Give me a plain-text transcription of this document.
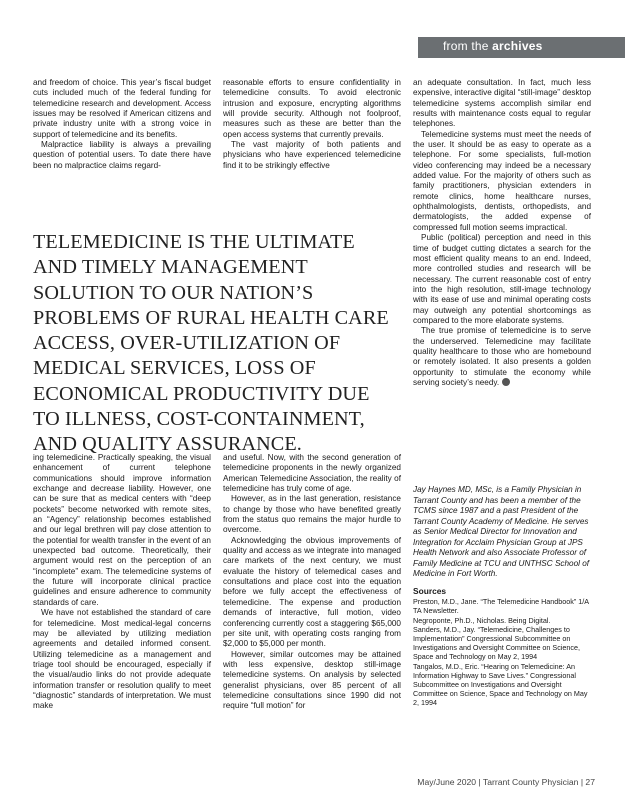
from the archives

and freedom of choice. This year’s fiscal budget cuts included much of the federal funding for telemedicine research and development. Access issues may be resolved if American citizens and private industry unite with a strong voice in support of telemedicine and its benefits.

Malpractice liability is always a prevailing question of potential users. To date there have been no malpractice claims regard-

reasonable efforts to ensure confidentiality in telemedicine consults. To avoid electronic intrusion and exposure, encrypting algorithms will provide security. Although not foolproof, measures such as these are better than the open access systems that currently prevails.

The vast majority of both patients and physicians who have experienced telemedicine find it to be strikingly effective

TELEMEDICINE IS THE ULTIMATE AND TIMELY MANAGEMENT SOLUTION TO OUR NATION’S PROBLEMS OF RURAL HEALTH CARE ACCESS, OVER-UTILIZATION OF MEDICAL SERVICES, LOSS OF ECONOMICAL PRODUCTIVITY DUE TO ILLNESS, COST-CONTAINMENT, AND QUALITY ASSURANCE.

ing telemedicine. Practically speaking, the visual enhancement of current telephone communications should improve information exchange and decrease liability. However, one can be sure that as medical centers with “deep pockets” become networked with remote sites, an “Agency” relationship becomes established and our legal brethren will pay close attention to the potential for wealth transfer in the event of an unexpected bad outcome. Theoretically, their argument would rest on the perception of an “incomplete” exam. The telemedicine systems of the future will incorporate clinical practice guidelines and ensure adherence to community standards of care.

We have not established the standard of care for telemedicine. Most medical-legal concerns may be alleviated by utilizing mediation agreements and detailed informed consent. Utilizing telemedicine as a management and triage tool should be encouraged, especially if the visual/audio links do not provide adequate information transfer or resolution qualify to meet “diagnostic” standards of interpretation. We must make

and useful. Now, with the second generation of telemedicine proponents in the newly organized American Telemedicine Association, the reality of telemedicine has truly come of age.

However, as in the last generation, resistance to change by those who have benefited greatly from the status quo remains the major hurdle to overcome.

Acknowledging the obvious improvements of quality and access as we integrate into managed care markets of the next century, we must evaluate the history of telemedical cases and consultations and place cost into the equation before we fully accept the effectiveness of telemedicine. The expense and production demands of interactive, full motion, video conferencing currently cost a staggering $65,000 per site unit, with operating costs ranging from $2,000 to $5,000 per month.

However, similar outcomes may be attained with less expensive, desktop still-image telemedicine systems. On analysis by selected generalist physicians, over 85 percent of all telemedicine consultations since 1990 did not require “full motion” for

an adequate consultation. In fact, much less expensive, interactive digital “still-image” desktop telemedicine systems accomplish similar end results with maintenance costs equal to regular telephones.

Telemedicine systems must meet the needs of the user. It should be as easy to operate as a telephone. For some specialists, full-motion video conferencing may indeed be a necessary added value. For the majority of others such as family practitioners, physician extenders in remote clinics, home healthcare nurses, ophthalmologists, dentists, orthopedists, and dermatologists, the added expense of compressed full motion seems impractical.

Public (political) perception and need in this time of budget cutting dictates a search for the most efficient quality means to an end. Indeed, more controlled studies and research will be necessary. The current reasonable cost of entry into the high resolution, still-image technology with its ease of use and minimal operating costs may outweigh any potential shortcomings as compared to the more elaborate systems.

The true promise of telemedicine is to serve the underserved. Telemedicine may facilitate quality healthcare to those who are homebound or remotely isolated. It also presents a golden opportunity to stimulate the economy while serving society’s needy.

Jay Haynes MD, MSc, is a Family Physician in Tarrant County and has been a member of the TCMS since 1987 and a past President of the Tarrant County Academy of Medicine. He serves as Senior Medical Director for Innovation and Integration for Acclaim Physician Group at JPS Health Network and also Associate Professor of Family Medicine at TCU and UNTHSC School of Medicine in Fort Worth.
Sources
Preston, M.D., Jane. “The Telemedicine Handbook” 1/A TA Newsletter.
Negroponte, Ph.D., Nicholas. Being Digital.
Sanders, M.D., Jay. “Telemedicine, Challenges to Implementation” Congressional Subcommittee on Investigations and Oversight Committee on Science, Space and Technology on May 2, 1994
Tangalos, M.D., Eric. “Hearing on Telemedicine: An Information Highway to Save Lives.” Congressional Subcommittee on Investigations and Oversight Committee on Science, Space and Technology on May 2, 1994
May/June 2020 | Tarrant County Physician | 27
